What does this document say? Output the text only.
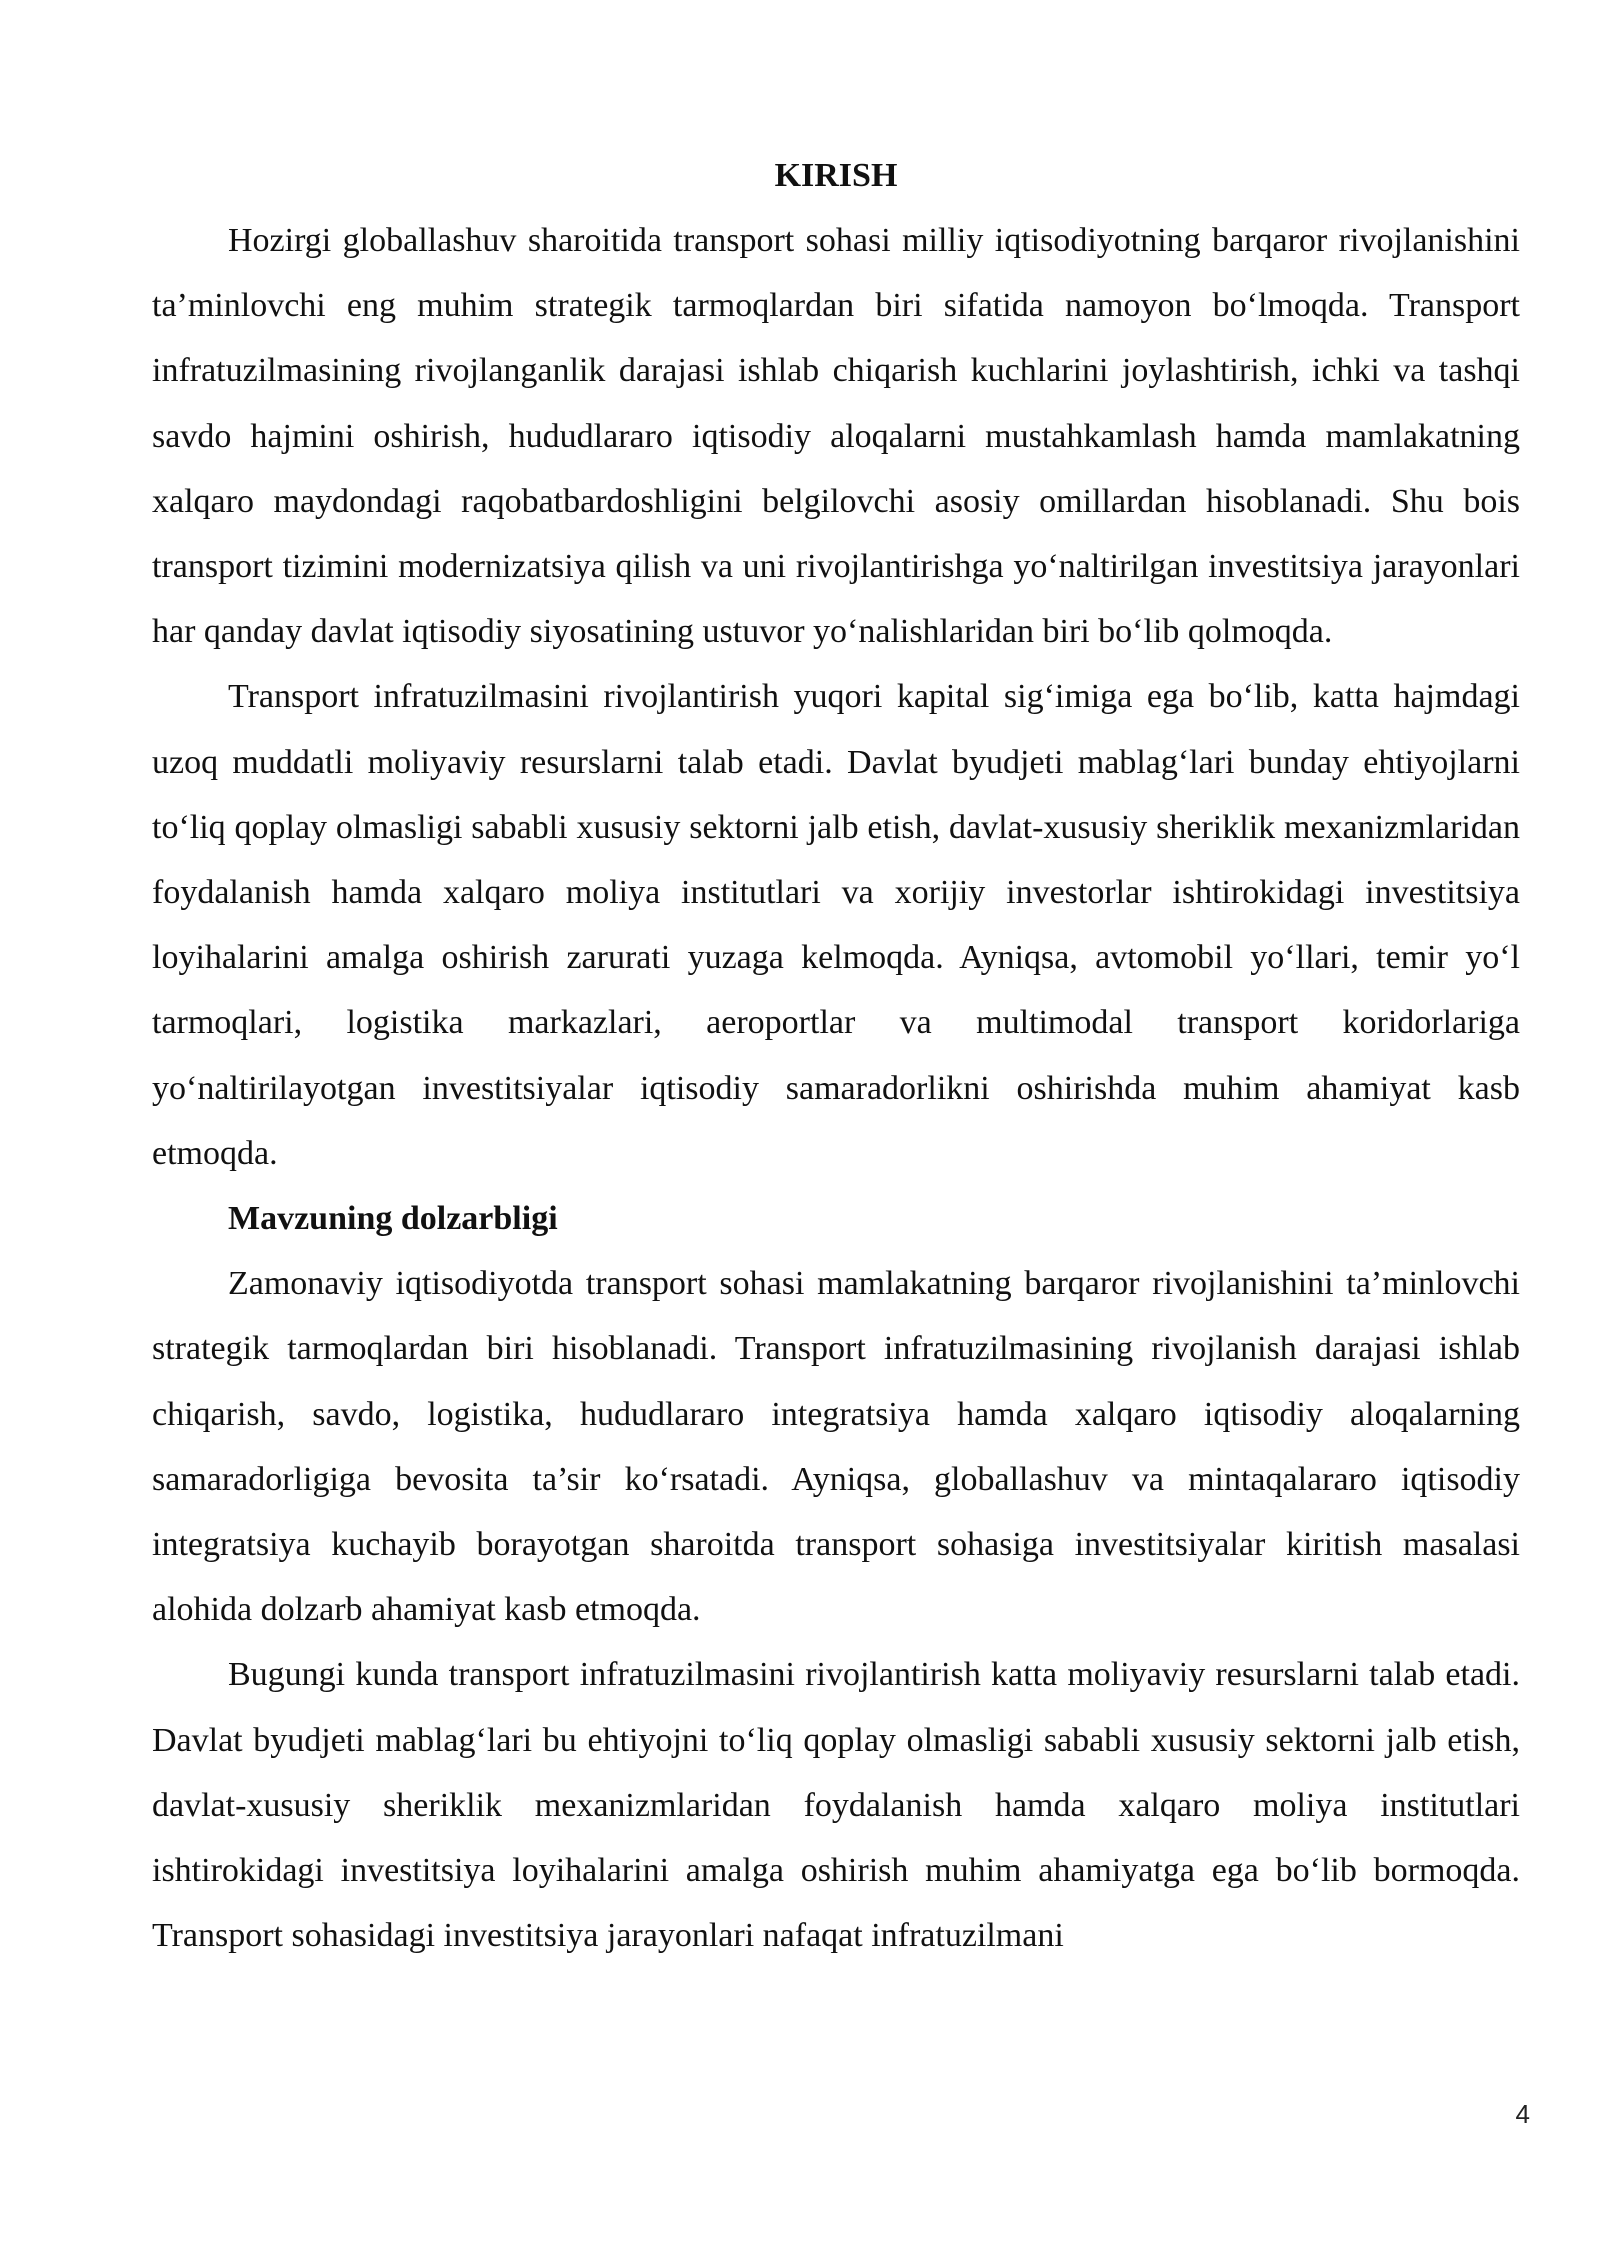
KIRISH

Hozirgi globallashuv sharoitida transport sohasi milliy iqtisodiyotning barqaror rivojlanishini ta’minlovchi eng muhim strategik tarmoqlardan biri sifatida namoyon bo‘lmoqda. Transport infratuzilmasining rivojlanganlik darajasi ishlab chiqarish kuchlarini joylashtirish, ichki va tashqi savdo hajmini oshirish, hududlararo iqtisodiy aloqalarni mustahkamlash hamda mamlakatning xalqaro maydondagi raqobatbardoshligini belgilovchi asosiy omillardan hisoblanadi. Shu bois transport tizimini modernizatsiya qilish va uni rivojlantirishga yo‘naltirilgan investitsiya jarayonlari har qanday davlat iqtisodiy siyosatining ustuvor yo‘nalishlaridan biri bo‘lib qolmoqda.

Transport infratuzilmasini rivojlantirish yuqori kapital sig‘imiga ega bo‘lib, katta hajmdagi uzoq muddatli moliyaviy resurslarni talab etadi. Davlat byudjeti mablag‘lari bunday ehtiyojlarni to‘liq qoplay olmasligi sababli xususiy sektorni jalb etish, davlat-xususiy sheriklik mexanizmlaridan foydalanish hamda xalqaro moliya institutlari va xorijiy investorlar ishtirokidagi investitsiya loyihalarini amalga oshirish zarurati yuzaga kelmoqda. Ayniqsa, avtomobil yo‘llari, temir yo‘l tarmoqlari, logistika markazlari, aeroportlar va multimodal transport koridorlariga yo‘naltirilayotgan investitsiyalar iqtisodiy samaradorlikni oshirishda muhim ahamiyat kasb etmoqda.

Mavzuning dolzarbligi

Zamonaviy iqtisodiyotda transport sohasi mamlakatning barqaror rivojlanishini ta’minlovchi strategik tarmoqlardan biri hisoblanadi. Transport infratuzilmasining rivojlanish darajasi ishlab chiqarish, savdo, logistika, hududlararo integratsiya hamda xalqaro iqtisodiy aloqalarning samaradorligiga bevosita ta’sir ko‘rsatadi. Ayniqsa, globallashuv va mintaqalararo iqtisodiy integratsiya kuchayib borayotgan sharoitda transport sohasiga investitsiyalar kiritish masalasi alohida dolzarb ahamiyat kasb etmoqda.

Bugungi kunda transport infratuzilmasini rivojlantirish katta moliyaviy resurslarni talab etadi. Davlat byudjeti mablag‘lari bu ehtiyojni to‘liq qoplay olmasligi sababli xususiy sektorni jalb etish, davlat-xususiy sheriklik mexanizmlaridan foydalanish hamda xalqaro moliya institutlari ishtirokidagi investitsiya loyihalarini amalga oshirish muhim ahamiyatga ega bo‘lib bormoqda. Transport sohasidagi investitsiya jarayonlari nafaqat infratuzilmani

4
